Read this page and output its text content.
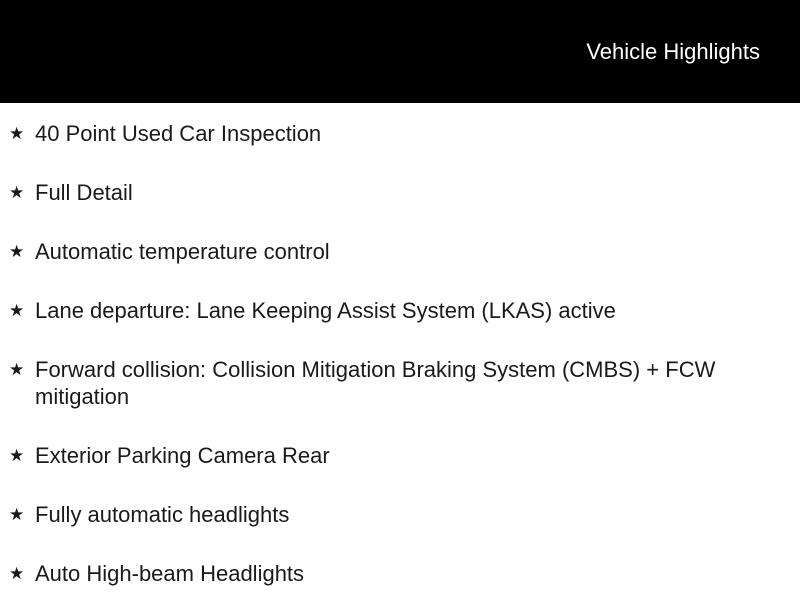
Vehicle Highlights
★ 40 Point Used Car Inspection
★ Full Detail
★ Automatic temperature control
★ Lane departure: Lane Keeping Assist System (LKAS) active
★ Forward collision: Collision Mitigation Braking System (CMBS) + FCW mitigation
★ Exterior Parking Camera Rear
★ Fully automatic headlights
★ Auto High-beam Headlights
